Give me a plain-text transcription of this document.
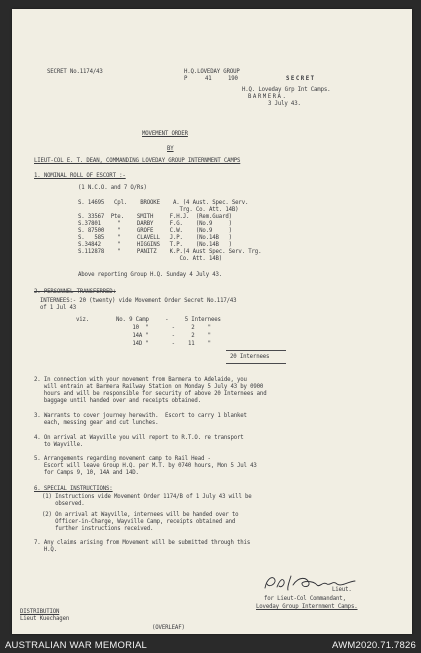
SECRET No.1174/43	H.Q.LOVEDAY GROUP
P	41	190	SECRET
H.Q. Loveday Grp Int Camps.
BARMERA.
3 July 43.
MOVEMENT ORDER
BY
LIEUT-COL E. T. DEAN, COMMANDING LOVEDAY GROUP INTERNMENT CAMPS
1. NOMINAL ROLL OF ESCORT :-
(1 N.C.O. and 7 O/Rs)
S. 14695   Cpl.    BROOKE    A. (4 Aust. Spec. Serv.
Trg. Co. Att. 14B)
S. 33567  Pte.    SMITH     F.H.J.  (Rem.Guard)
S.37801     "     DARBY     F.G.    (No.9     )
S. 87500    "     GROFE     C.W.    (No.9     )
S.   585    "     CLAVELL   J.P.    (No.14B   )
S.34842     "     HIGGINS   T.P.    (No.14B   )
S.112878    "     PANITZ    K.P.(4 Aust Spec. Serv. Trg.
Co. Att. 14B)
Above reporting Group H.Q. Sunday 4 July 43.
2. PERSONNEL TRANSFERRED:
INTERNEES:- 20 (twenty) vide Movement Order Secret No.117/43
of 1 Jul 43
viz.	No. 9 Camp     -     5 Internees
10  "       -     2    "
14A "       -     2    "
14D "       -    11    "
20 Internees
2. In connection with your movement from Barmera to Adelaide, you
will entrain at Barmera Railway Station on Monday 5 July 43 by 0900
hours and will be responsible for security of above 20 Internees and
baggage until handed over and receipts obtained.
3. Warrants to cover journey herewith.  Escort to carry 1 blanket
each, messing gear and cut lunches.
4. On arrival at Wayville you will report to R.T.O. re transport
to Wayville.
5. Arrangements regarding movement camp to Rail Head -
Escort will leave Group H.Q. per M.T. by 0740 hours, Mon 5 Jul 43
for Camps 9, 10, 14A and 14D.
6. SPECIAL INSTRUCTIONS:
(1) Instructions vide Movement Order 1174/B of 1 July 43 will be
observed.
(2) On arrival at Wayville, internees will be handed over to
Officer-in-Charge, Wayville Camp, receipts obtained and
further instructions received.
7. Any claims arising from Movement will be submitted through this
H.Q.
Lieut.
for Lieut-Col Commandant,
Loveday Group Internment Camps.
DISTRIBUTION
Lieut Kuechagen
(OVERLEAF)
AUSTRALIAN WAR MEMORIAL	AWM2020.71.7826
